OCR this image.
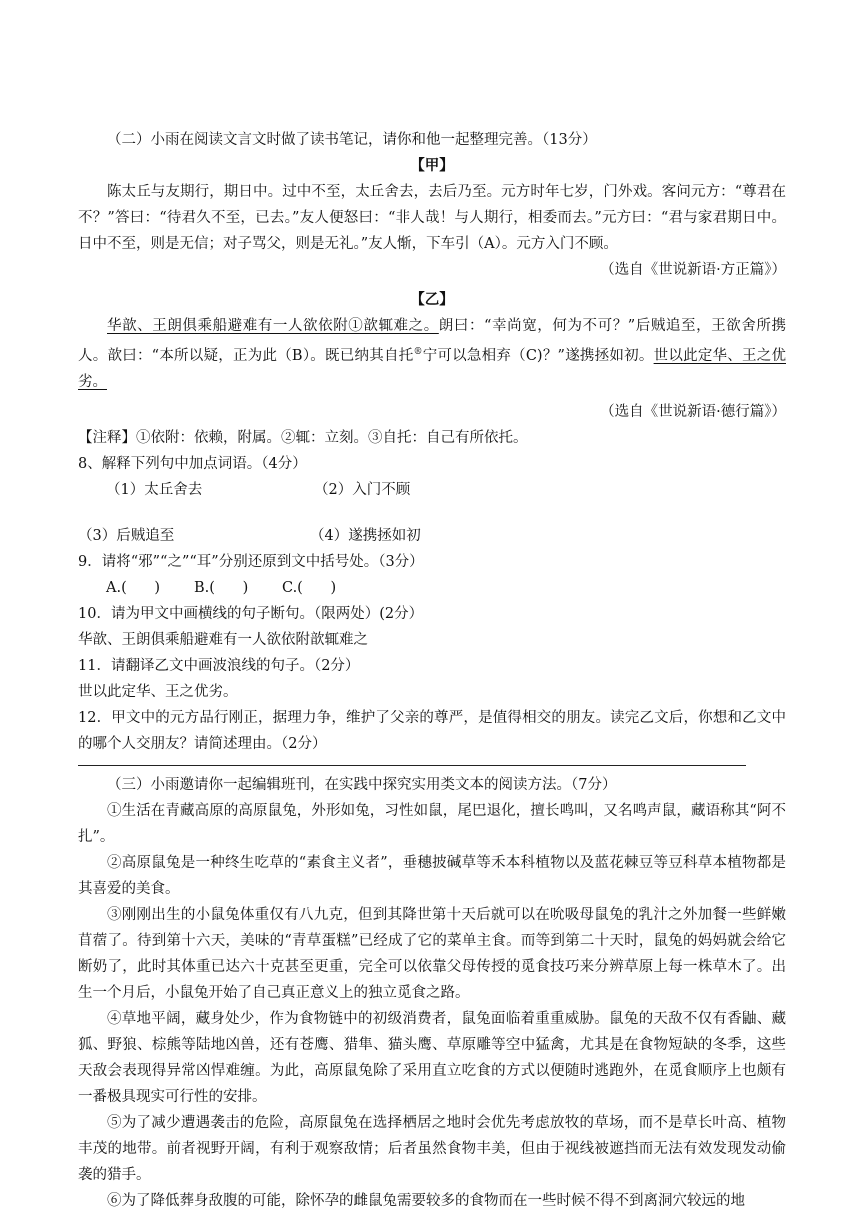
（二）小雨在阅读文言文时做了读书笔记，请你和他一起整理完善。（13分）

【甲】

陈太丘与友期行，期日中。过中不至，太丘舍去，去后乃至。元方时年七岁，门外戏。客问元方：“尊君在不？”答曰：“待君久不至，已去。”友人便怒曰：“非人哉！与人期行，相委而去。”元方曰：“君与家君期日中。日中不至，则是无信；对子骂父，则是无礼。”友人惭，下车引（A）。元方入门不顾。

（选自《世说新语·方正篇》）

【乙】

华歆、王朗俱乘船避难有一人欲依附①歆辄难之。朗曰：“幸尚宽，何为不可？”后贼追至，王欲舍所携人。歆曰：“本所以疑，正为此（B）。既已纳其自托®宁可以急相弃（C)？”遂携拯如初。世以此定华、王之优劣。

（选自《世说新语·德行篇》）

【注释】①依附：依赖，附属。②辄：立刻。③自托：自己有所依托。

8、解释下列句中加点词语。（4分）

（1）太丘舍去	（2）入门不顾
（3）后贼追至	（4）遂携拯如初

9．请将“邪”“之”“耳”分别还原到文中括号处。（3分）

A.(      )	B.(      )	C.(      )

10．请为甲文中画横线的句子断句。（限两处）(2分）

华歆、王朗俱乘船避难有一人欲依附歆辄难之

11．请翻译乙文中画波浪线的句子。（2分）

世以此定华、王之优劣。

12．甲文中的元方品行刚正，据理力争，维护了父亲的尊严，是值得相交的朋友。读完乙文后，你想和乙文中的哪个人交朋友？请简述理由。（2分）

（三）小雨邀请你一起编辑班刊，在实践中探究实用类文本的阅读方法。（7分）

①生活在青藏高原的高原鼠兔，外形如兔，习性如鼠，尾巴退化，擅长鸣叫，又名鸣声鼠，藏语称其“阿不扎”。

②高原鼠兔是一种终生吃草的“素食主义者”，垂穗披碱草等禾本科植物以及蓝花棘豆等豆科草本植物都是其喜爱的美食。

③刚刚出生的小鼠兔体重仅有八九克，但到其降世第十天后就可以在吮吸母鼠兔的乳汁之外加餐一些鲜嫩苜蓿了。待到第十六天，美味的“青草蛋糕”已经成了它的菜单主食。而等到第二十天时，鼠兔的妈妈就会给它断奶了，此时其体重已达六十克甚至更重，完全可以依靠父母传授的觅食技巧来分辨草原上每一株草木了。出生一个月后，小鼠兔开始了自己真正意义上的独立觅食之路。

④草地平阔，藏身处少，作为食物链中的初级消费者，鼠兔面临着重重威胁。鼠兔的天敌不仅有香鼬、藏狐、野狼、棕熊等陆地凶兽，还有苍鹰、猎隼、猫头鹰、草原雕等空中猛禽，尤其是在食物短缺的冬季，这些天敌会表现得异常凶悍难缠。为此，高原鼠兔除了采用直立吃食的方式以便随时逃跑外，在觅食顺序上也颇有一番极具现实可行性的安排。

⑤为了减少遭遇袭击的危险，高原鼠兔在选择栖居之地时会优先考虑放牧的草场，而不是草长叶高、植物丰茂的地带。前者视野开阔，有利于观察敌情；后者虽然食物丰美，但由于视线被遮挡而无法有效发现发动偷袭的猎手。

⑥为了降低葬身敌腹的可能，除怀孕的雌鼠兔需要较多的食物而在一些时候不得不到离洞穴较远的地
